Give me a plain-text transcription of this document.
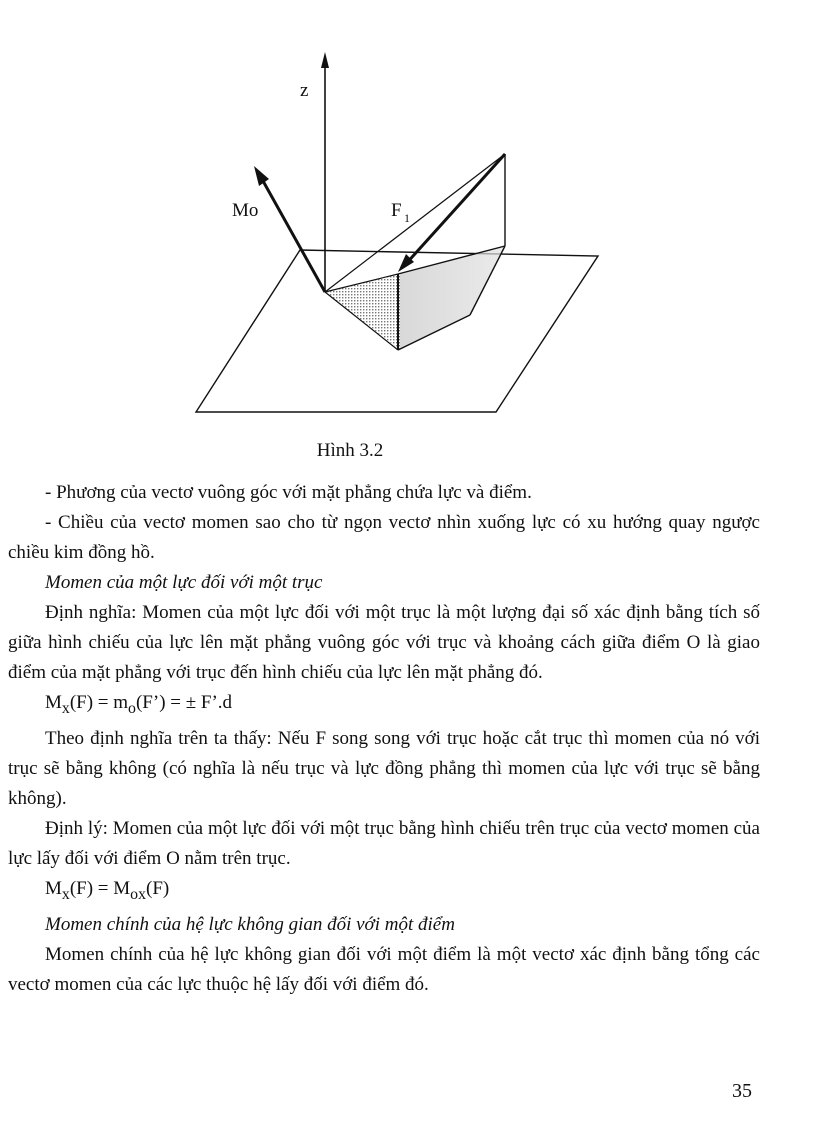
z
Mo	F 1
Hình 3.2

- Phương của vectơ vuông góc với mặt phẳng chứa lực và điểm.

- Chiều của vectơ momen sao cho từ ngọn vectơ nhìn xuống lực có xu hướng quay ngược chiều kim đồng hồ.

Momen của một lực đối với một trục

Định nghĩa: Momen của một lực đối với một trục là một lượng đại số xác định bằng tích số giữa hình chiếu của lực lên mặt phẳng vuông góc với trục và khoảng cách giữa điểm O là giao điểm của mặt phẳng với trục đến hình chiếu của lực lên mặt phẳng đó.

$M_x(F)$ = $m_o(F’)$ = ± F’.d

Theo định nghĩa trên ta thấy: Nếu F song song với trục hoặc cắt trục thì momen của nó với trục sẽ bằng không (có nghĩa là nếu trục và lực đồng phẳng thì momen của lực với trục sẽ bằng không).

Định lý: Momen của một lực đối với một trục bằng hình chiếu trên trục của vectơ momen của lực lấy đối với điểm O nằm trên trục.

$M_x(F) = M_{ox}(F)$

Momen chính của hệ lực không gian đối với một điểm

Momen chính của hệ lực không gian đối với một điểm là một vectơ xác định bằng tổng các vectơ momen của các lực thuộc hệ lấy đối với điểm đó.

35
